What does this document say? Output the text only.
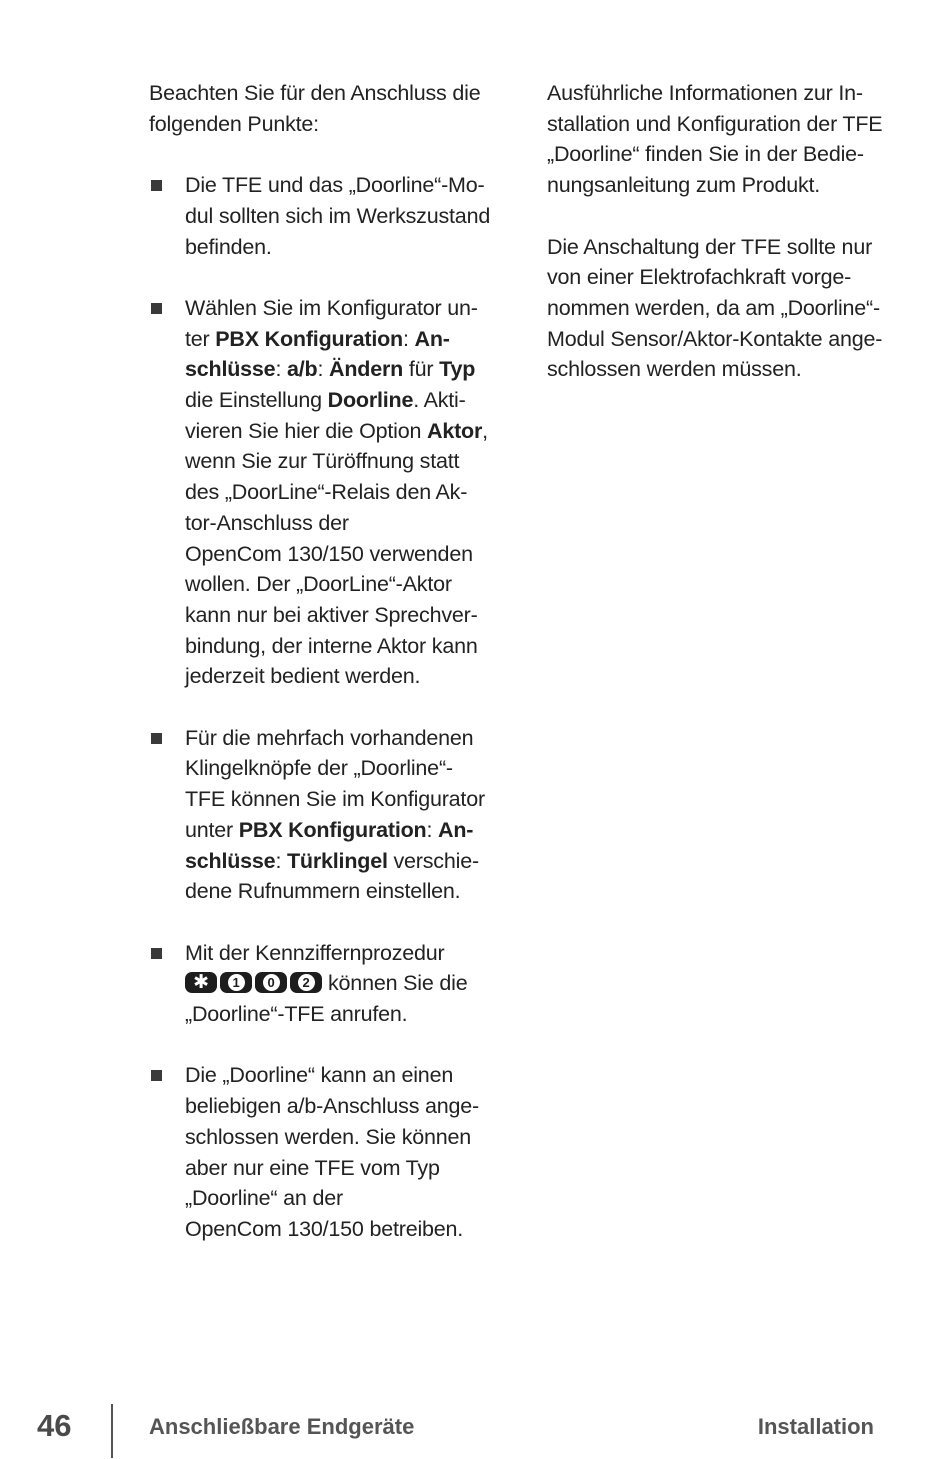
Beachten Sie für den Anschluss die
folgenden Punkte:
Die TFE und das „Doorline“-Mo-
dul sollten sich im Werkszustand
befinden.
Wählen Sie im Konfigurator un-
ter PBX Konfiguration: An-
schlüsse: a/b: Ändern für Typ
die Einstellung Doorline. Akti-
vieren Sie hier die Option Aktor,
wenn Sie zur Türöffnung statt
des „DoorLine“-Relais den Ak-
tor-Anschluss der
OpenCom 130/150 verwenden
wollen. Der „DoorLine“-Aktor
kann nur bei aktiver Sprechver-
bindung, der interne Aktor kann
jederzeit bedient werden.
Für die mehrfach vorhandenen
Klingelknöpfe der „Doorline“-
TFE können Sie im Konfigurator
unter PBX Konfiguration: An-
schlüsse: Türklingel verschie-
dene Rufnummern einstellen.
Mit der Kennziffernprozedur
✱	1	0	2 können Sie die
„Doorline“-TFE anrufen.
Die „Doorline“ kann an einen
beliebigen a/b-Anschluss ange-
schlossen werden. Sie können
aber nur eine TFE vom Typ
„Doorline“ an der
OpenCom 130/150 betreiben.
Ausführliche Informationen zur In-
stallation und Konfiguration der TFE
„Doorline“ finden Sie in der Bedie-
nungsanleitung zum Produkt.
Die Anschaltung der TFE sollte nur
von einer Elektrofachkraft vorge-
nommen werden, da am „Doorline“-
Modul Sensor/Aktor-Kontakte ange-
schlossen werden müssen.
46	Anschließbare Endgeräte	Installation
